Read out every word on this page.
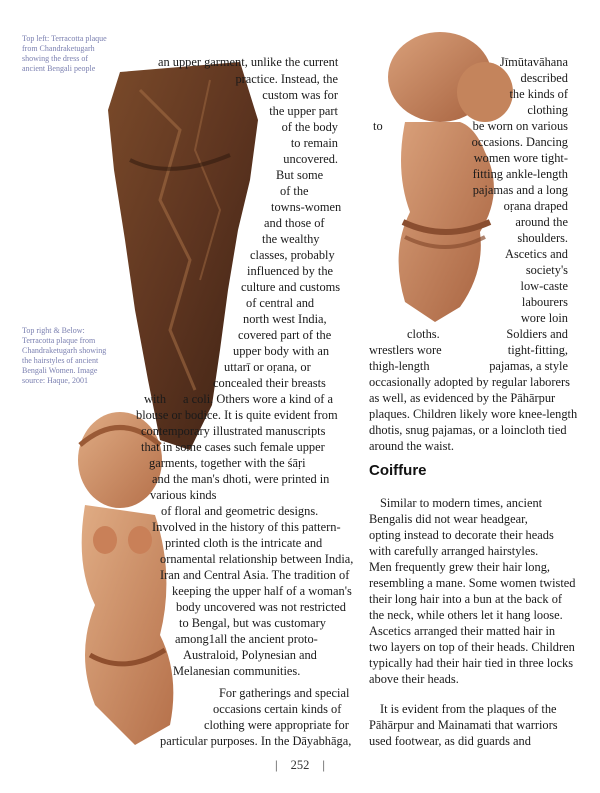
Top left: Terracotta plaque
from Chandraketugarh
showing the dress of
ancient Bengali people
Top right & Below:
Terracotta plaque from
Chandraketugarh showing
the hairstyles of ancient
Bengali Women. Image
source: Haque, 2001
an upper garment, unlike the current
practice. Instead, the
custom was for
the upper part
of the body
to remain
uncovered.
But some
of the
towns-women
and those of
the wealthy
classes, probably
influenced by the
culture and customs
of central and
north west India,
covered part of the
upper body with an
uttarī or oṛana, or
concealed their breasts
with a coli. Others wore a kind of a
blouse or bodice. It is quite evident from
contemporary illustrated manuscripts
that in some cases such female upper
garments, together with the śāṛi
and the man's dhoti, were printed in
various kinds
of floral and geometric designs.
Involved in the history of this pattern-
printed cloth is the intricate and
ornamental relationship between India,
Iran and Central Asia. The tradition of
keeping the upper half of a woman's
body uncovered was not restricted
to Bengal, but was customary
among1all the ancient proto-
Australoid, Polynesian and
Melanesian communities.
For gatherings and special
occasions certain kinds of
clothing were appropriate for
particular purposes. In the Dāyabhāga,
Jīmūtavāhana
described
the kinds of
clothing
to	be worn on various
occasions. Dancing
women wore tight-
fitting ankle-length
pajamas and a long
oṛana draped
around the
shoulders.
Ascetics and
society's
low-caste
labourers
wore loin
cloths.	Soldiers and
wrestlers wore	tight-fitting,
thigh-length	pajamas, a style
occasionally adopted by regular laborers
as well, as evidenced by the Pāhārpur
plaques. Children likely wore knee-length
dhotis, snug pajamas, or a loincloth tied
around the waist.
Coiffure
Similar to modern times, ancient
Bengalis did not wear headgear,
opting instead to decorate their heads
with carefully arranged hairstyles.
Men frequently grew their hair long,
resembling a mane. Some women twisted
their long hair into a bun at the back of
the neck, while others let it hang loose.
Ascetics arranged their matted hair in
two layers on top of their heads. Children
typically had their hair tied in three locks
above their heads.
It is evident from the plaques of the
Pāhārpur and Mainamati that warriors
used footwear, as did guards and
| 252 |
